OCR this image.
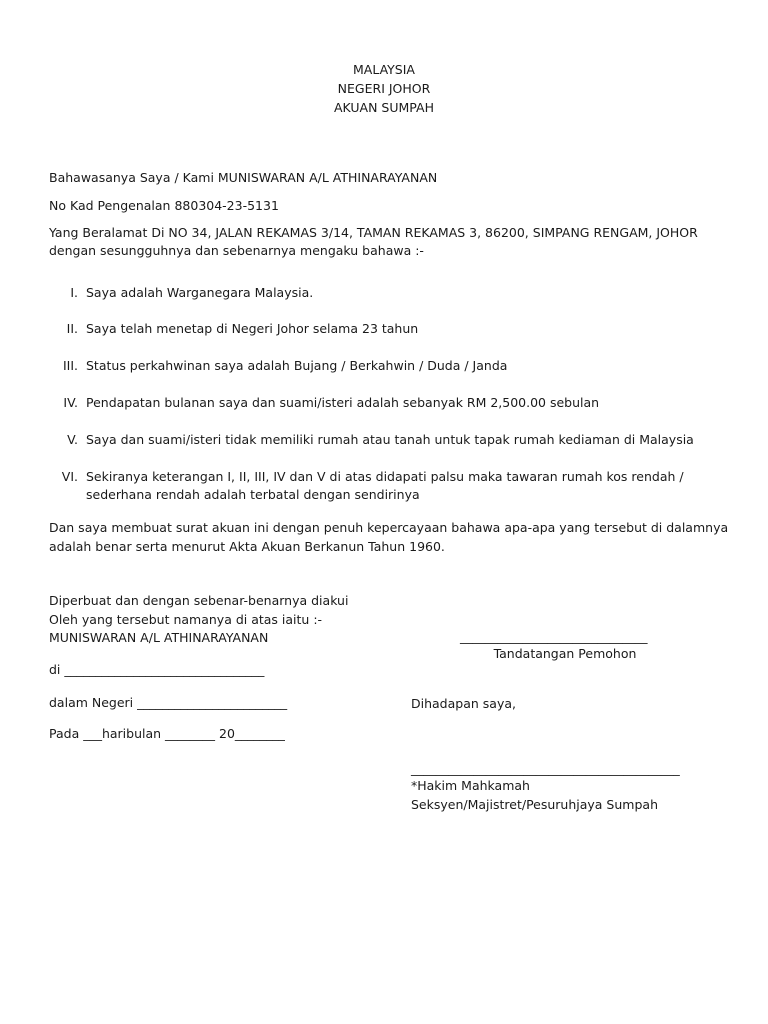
MALAYSIA
NEGERI JOHOR
AKUAN SUMPAH
Bahawasanya Saya / Kami MUNISWARAN A/L ATHINARAYANAN
No Kad Pengenalan 880304-23-5131
Yang Beralamat Di NO 34, JALAN REKAMAS 3/14, TAMAN REKAMAS 3, 86200, SIMPANG RENGAM, JOHOR
dengan sesungguhnya dan sebenarnya mengaku bahawa :-
I. Saya adalah Warganegara Malaysia.
II. Saya telah menetap di Negeri Johor selama 23 tahun
III. Status perkahwinan saya adalah Bujang / Berkahwin / Duda / Janda
IV. Pendapatan bulanan saya dan suami/isteri adalah sebanyak RM 2,500.00 sebulan
V. Saya dan suami/isteri tidak memiliki rumah atau tanah untuk tapak rumah kediaman di Malaysia
VI. Sekiranya keterangan I, II, III, IV dan V di atas didapati palsu maka tawaran rumah kos rendah / sederhana rendah adalah terbatal dengan sendirinya
Dan saya membuat surat akuan ini dengan penuh kepercayaan bahawa apa-apa yang tersebut di dalamnya
adalah benar serta menurut Akta Akuan Berkanun Tahun 1960.
Diperbuat dan dengan sebenar-benarnya diakui
Oleh yang tersebut namanya di atas iaitu :-
MUNISWARAN A/L ATHINARAYANAN
di ________________________________
dalam Negeri ________________________
Pada ___haribulan ________ 20________
______________________________
Tandatangan Pemohon
Dihadapan saya,
___________________________________________
*Hakim Mahkamah
Seksyen/Majistret/Pesuruhjaya Sumpah
